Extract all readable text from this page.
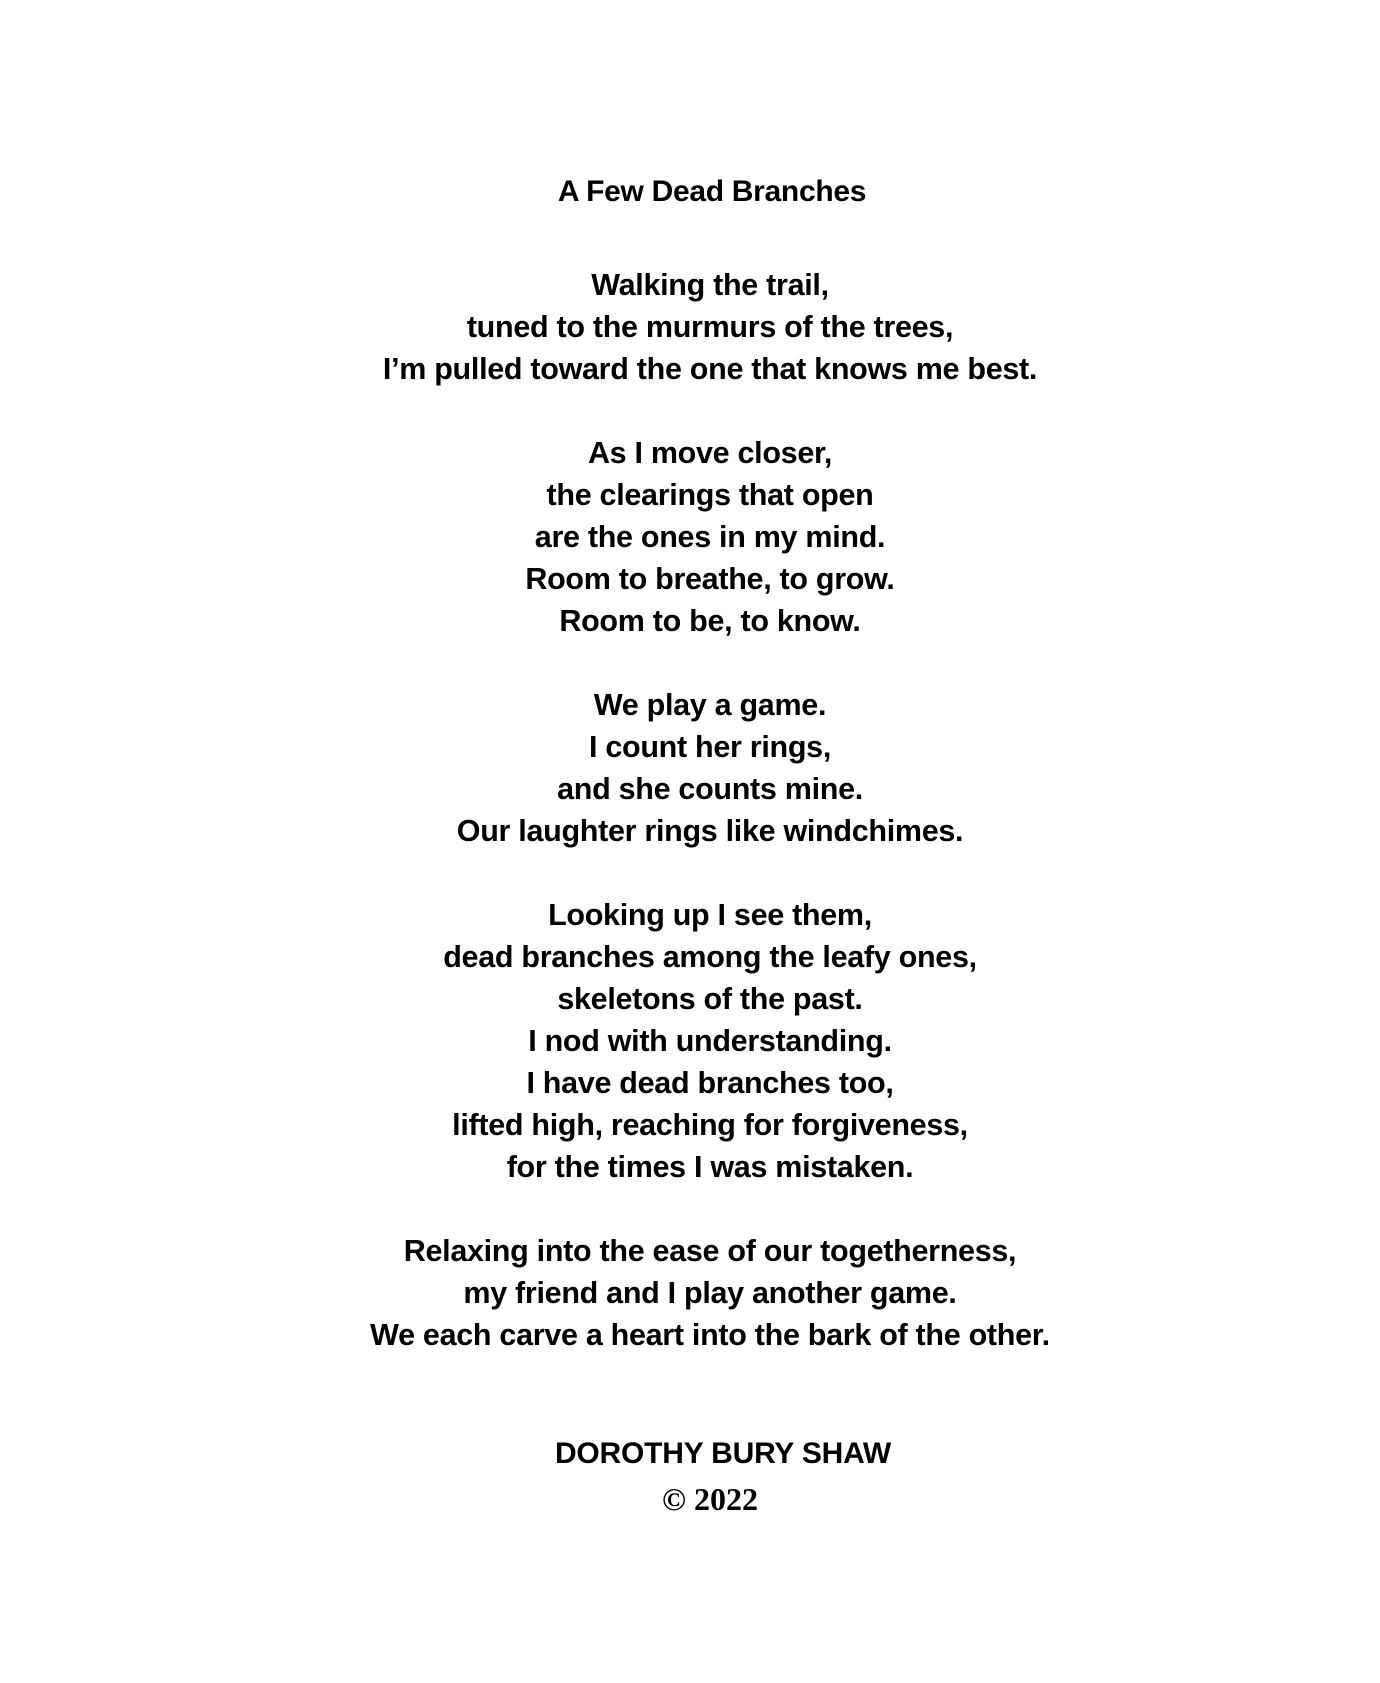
A Few Dead Branches
Walking the trail,
tuned to the murmurs of the trees,
I’m pulled toward the one that knows me best.
As I move closer,
the clearings that open
are the ones in my mind.
Room to breathe, to grow.
Room to be, to know.
We play a game.
I count her rings,
and she counts mine.
Our laughter rings like windchimes.
Looking up I see them,
dead branches among the leafy ones,
skeletons of the past.
I nod with understanding.
I have dead branches too,
lifted high, reaching for forgiveness,
for the times I was mistaken.
Relaxing into the ease of our togetherness,
my friend and I play another game.
We each carve a heart into the bark of the other.
DOROTHY BURY SHAW
© 2022
